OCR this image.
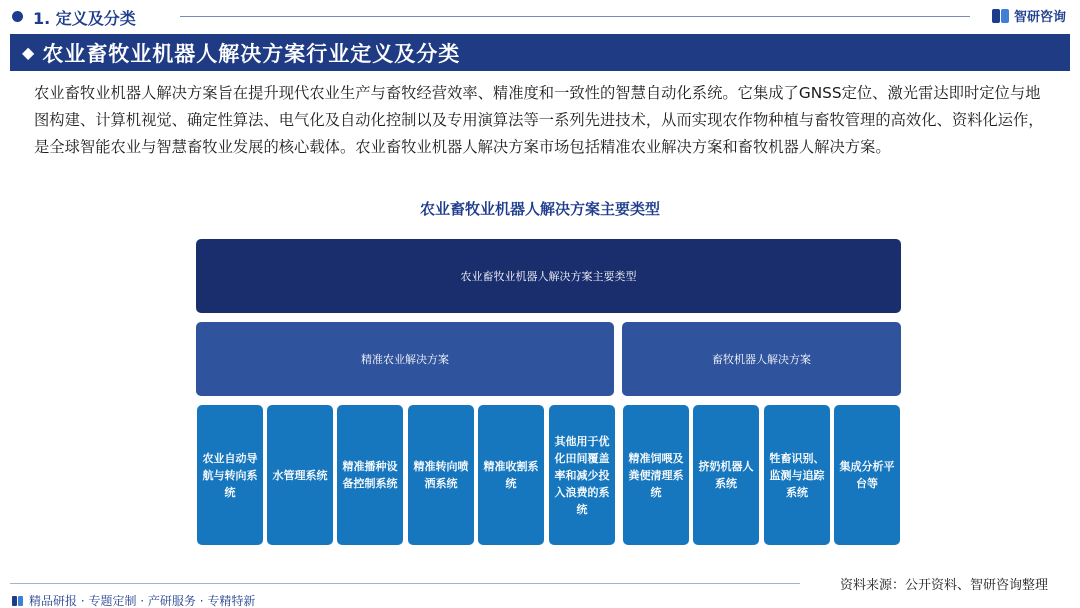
1. 定义及分类	智研咨询
◆ 农业畜牧业机器人解决方案行业定义及分类

农业畜牧业机器人解决方案旨在提升现代农业生产与畜牧经营效率、精准度和一致性的智慧自动化系统。它集成了GNSS定位、激光雷达即时定位与地图构建、计算机视觉、确定性算法、电气化及自动化控制以及专用演算法等一系列先进技术，从而实现农作物种植与畜牧管理的高效化、资料化运作，是全球智能农业与智慧畜牧业发展的核心载体。农业畜牧业机器人解决方案市场包括精准农业解决方案和畜牧机器人解决方案。

农业畜牧业机器人解决方案主要类型
农业畜牧业机器人解决方案主要类型
精准农业解决方案	畜牧机器人解决方案
农业自动导航与转向系统
水管理系统
精准播种设备控制系统
精准转向喷洒系统
精准收割系统
其他用于优化田间覆盖率和减少投入浪费的系统
精准饲喂及粪便清理系统
挤奶机器人系统
牲畜识别、监测与追踪系统
集成分析平台等
资料来源：公开资料、智研咨询整理
精品研报 · 专题定制 · 产研服务 · 专精特新
